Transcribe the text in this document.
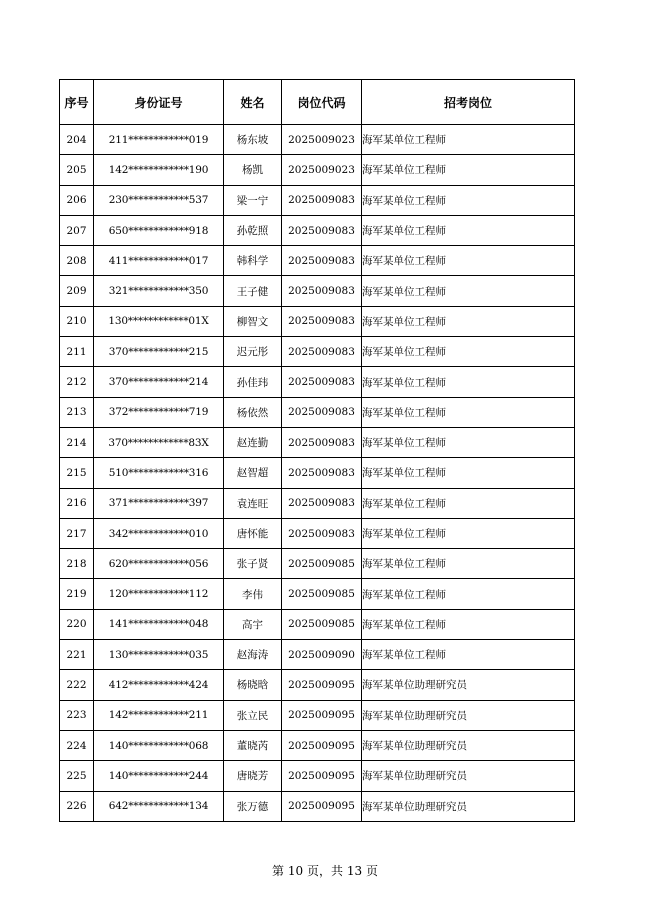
序号	身份证号	姓名	岗位代码	招考岗位
204	211************019	杨东坡	2025009023	海军某单位工程师
205	142************190	杨凯	2025009023	海军某单位工程师
206	230************537	梁一宁	2025009083	海军某单位工程师
207	650************918	孙乾照	2025009083	海军某单位工程师
208	411************017	韩科学	2025009083	海军某单位工程师
209	321************350	王子健	2025009083	海军某单位工程师
210	130************01X	柳智文	2025009083	海军某单位工程师
211	370************215	迟元彤	2025009083	海军某单位工程师
212	370************214	孙佳玮	2025009083	海军某单位工程师
213	372************719	杨依然	2025009083	海军某单位工程师
214	370************83X	赵连勤	2025009083	海军某单位工程师
215	510************316	赵智超	2025009083	海军某单位工程师
216	371************397	袁连旺	2025009083	海军某单位工程师
217	342************010	唐怀能	2025009083	海军某单位工程师
218	620************056	张子贤	2025009085	海军某单位工程师
219	120************112	李伟	2025009085	海军某单位工程师
220	141************048	高宇	2025009085	海军某单位工程师
221	130************035	赵海涛	2025009090	海军某单位工程师
222	412************424	杨晓晗	2025009095	海军某单位助理研究员
223	142************211	张立民	2025009095	海军某单位助理研究员
224	140************068	董晓芮	2025009095	海军某单位助理研究员
225	140************244	唐晓芳	2025009095	海军某单位助理研究员
226	642************134	张万德	2025009095	海军某单位助理研究员
第 10 页，共 13 页
